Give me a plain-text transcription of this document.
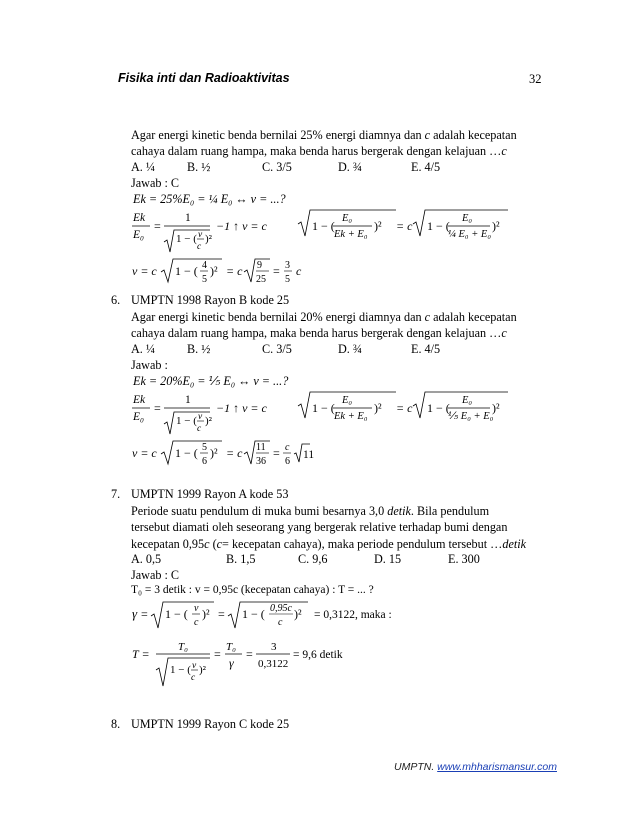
Fisika inti dan Radioaktivitas	32
Agar energi kinetic benda bernilai 25% energi diamnya dan c adalah kecepatan
cahaya dalam ruang hampa, maka benda harus bergerak dengan kelajuan …c
A. ¼	B. ½	C. 3/5	D. ¾	E. 4/5
Jawab : C
Ek = 25%E₀ = ¼ E₀ ↔ v = ...?
Ek
E₀
=
1
1 − ( v
c
)²
−1 ↑ v = c	1 − (
E₀
Ek + E₀
)² = c 1 − (
E₀
¼ E₀ + E₀
)²
v = c 1 − ( 4
5
)² = c 9
25
= 3
5
c
6. UMPTN 1998 Rayon B kode 25
Agar energi kinetic benda bernilai 20% energi diamnya dan c adalah kecepatan
cahaya dalam ruang hampa, maka benda harus bergerak dengan kelajuan …c
A. ¼	B. ½	C. 3/5	D. ¾	E. 4/5
Jawab :
Ek = 20%E₀ = ⅕ E₀ ↔ v = ...?
Ek
E₀
=
1
1 − ( v
c
)²
−1 ↑ v = c	1 − (
E₀
Ek + E₀
)² = c 1 − (
E₀
⅕ E₀ + E₀
)²
v = c 1 − ( 5
6
)² = c 11
36
= c
6
11
7. UMPTN 1999 Rayon A kode 53
Periode suatu pendulum di muka bumi besarnya 3,0 detik. Bila pendulum
tersebut diamati oleh seseorang yang bergerak relative terhadap bumi dengan
kecepatan 0,95c (c= kecepatan cahaya), maka periode pendulum tersebut …detik
A. 0,5	B. 1,5	C. 9,6	D. 15	E. 300
Jawab : C
T₀ = 3 detik : v = 0,95c (kecepatan cahaya) : T = ... ?
γ = 1 − ( v
c
)² = 1 − ( 0,95c
c
)² = 0,3122, maka :
T =	T₀
1 − ( v
c
)²
= T₀
γ
= 3
0,3122
= 9,6 detik
8. UMPTN 1999 Rayon C kode 25
UMPTN. www.mhharismansur.com
